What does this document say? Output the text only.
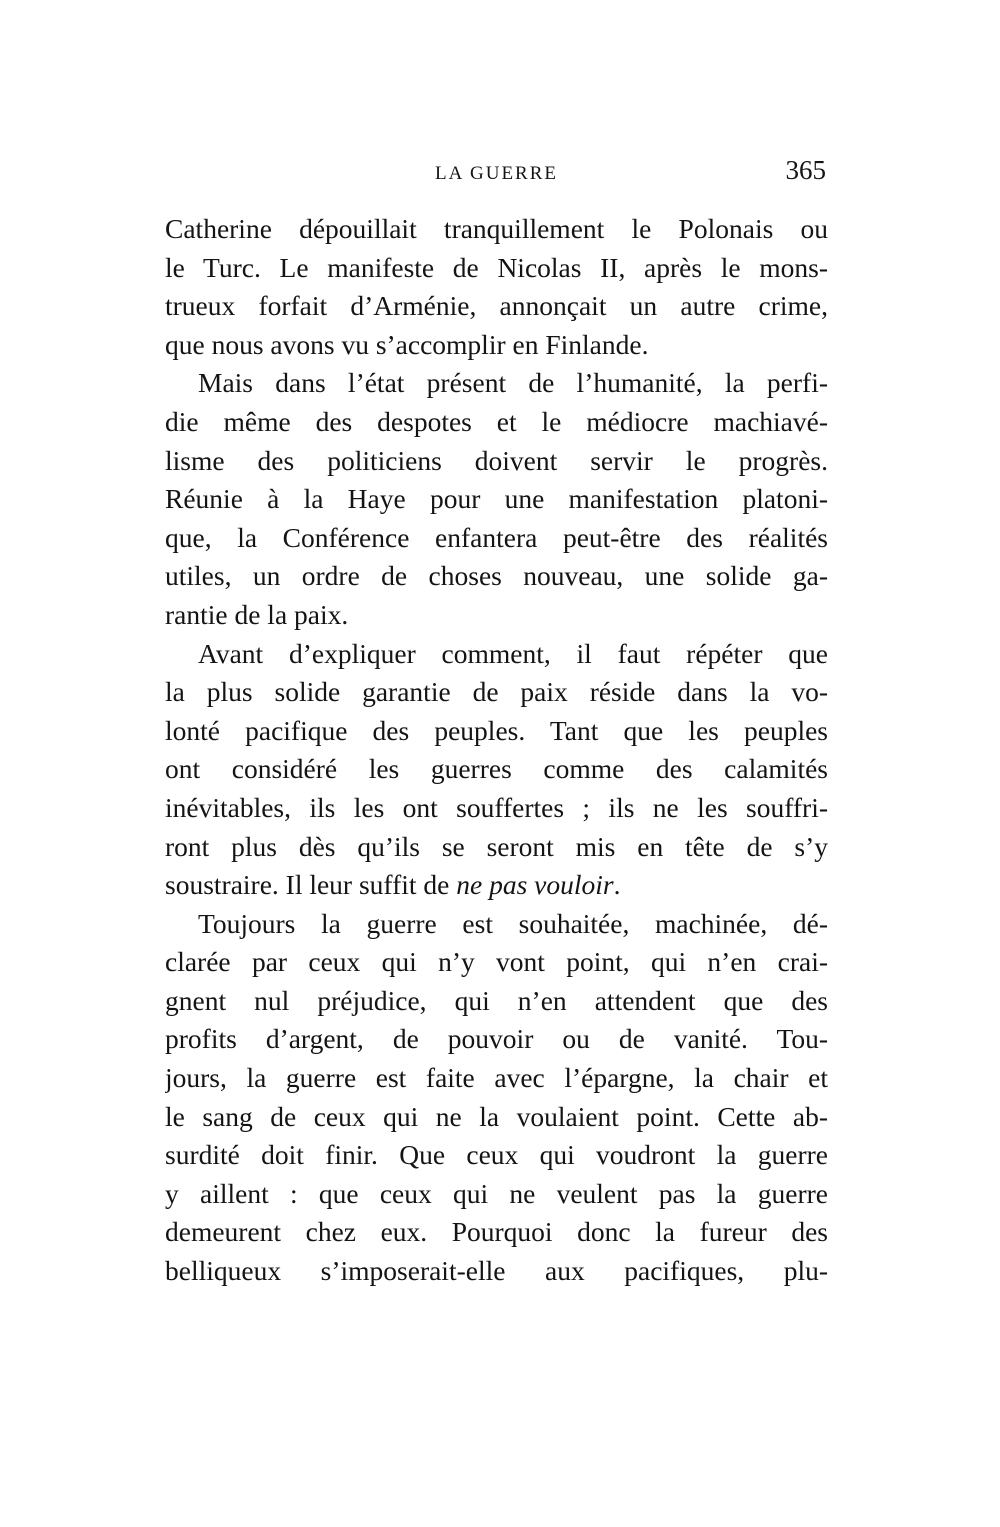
LA GUERRE	365
Catherine dépouillait tranquillement le Polonais ou
le Turc. Le manifeste de Nicolas II, après le mons-
trueux forfait d’Arménie, annonçait un autre crime,
que nous avons vu s’accomplir en Finlande.
Mais dans l’état présent de l’humanité, la perfi-
die même des despotes et le médiocre machiavé-
lisme des politiciens doivent servir le progrès.
Réunie à la Haye pour une manifestation platoni-
que, la Conférence enfantera peut-être des réalités
utiles, un ordre de choses nouveau, une solide ga-
rantie de la paix.
Avant d’expliquer comment, il faut répéter que
la plus solide garantie de paix réside dans la vo-
lonté pacifique des peuples. Tant que les peuples
ont considéré les guerres comme des calamités
inévitables, ils les ont souffertes ; ils ne les souffri-
ront plus dès qu’ils se seront mis en tête de s’y
soustraire. Il leur suffit de ne pas vouloir.
Toujours la guerre est souhaitée, machinée, dé-
clarée par ceux qui n’y vont point, qui n’en crai-
gnent nul préjudice, qui n’en attendent que des
profits d’argent, de pouvoir ou de vanité. Tou-
jours, la guerre est faite avec l’épargne, la chair et
le sang de ceux qui ne la voulaient point. Cette ab-
surdité doit finir. Que ceux qui voudront la guerre
y aillent : que ceux qui ne veulent pas la guerre
demeurent chez eux. Pourquoi donc la fureur des
belliqueux s’imposerait-elle aux pacifiques, plu-
